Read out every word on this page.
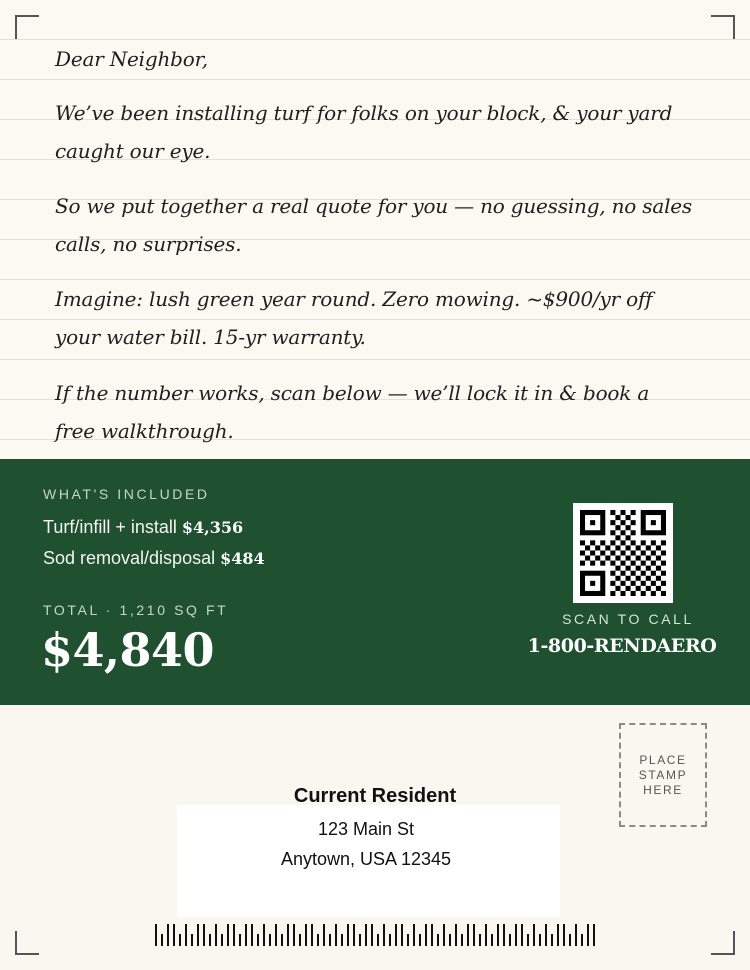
Dear Neighbor,

We’ve been installing turf for folks on your block, & your yard caught our eye.

So we put together a real quote for you — no guessing, no sales calls, no surprises.

Imagine: lush green year round. Zero mowing. ~$900/yr off your water bill. 15-yr warranty.

If the number works, scan below — we’ll lock it in & book a free walkthrough.

WHAT'S INCLUDED
Turf/infill + install $4,356
Sod removal/disposal $484
TOTAL · 1,210 SQ FT
$4,840
SCAN TO CALL
1-800-RENDAERO
PLACE STAMP HERE
Current Resident
123 Main St
Anytown, USA 12345
